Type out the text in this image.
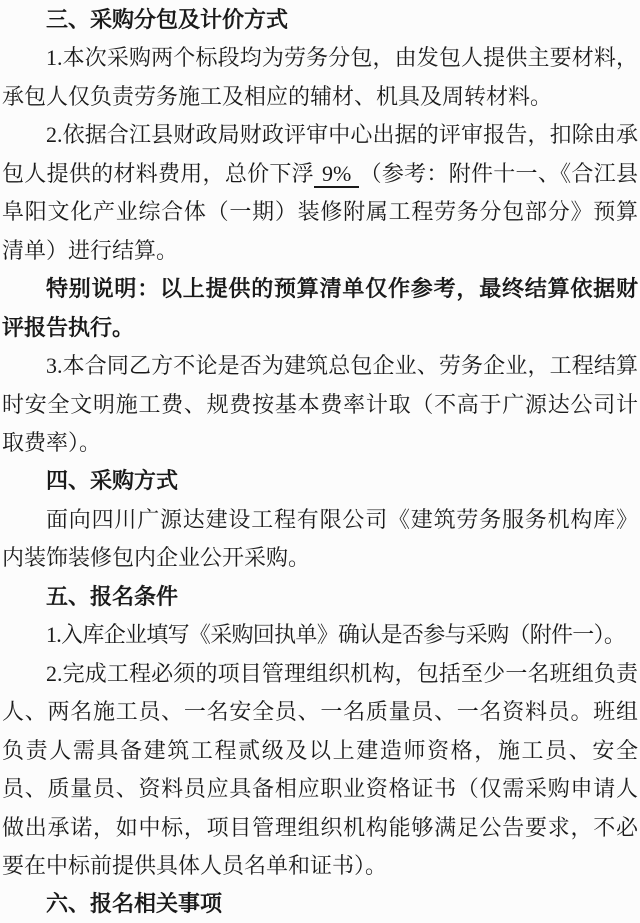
三、采购分包及计价方式

1.本次采购两个标段均为劳务分包，由发包人提供主要材料，承包人仅负责劳务施工及相应的辅材、机具及周转材料。

2.依据合江县财政局财政评审中心出据的评审报告，扣除由承包人提供的材料费用，总价下浮 9% （参考：附件十一、《合江县阜阳文化产业综合体（一期）装修附属工程劳务分包部分》预算清单）进行结算。

特别说明：以上提供的预算清单仅作参考，最终结算依据财评报告执行。

3.本合同乙方不论是否为建筑总包企业、劳务企业，工程结算时安全文明施工费、规费按基本费率计取（不高于广源达公司计取费率）。

四、采购方式

面向四川广源达建设工程有限公司《建筑劳务服务机构库》内装饰装修包内企业公开采购。

五、报名条件

1.入库企业填写《采购回执单》确认是否参与采购（附件一）。

2.完成工程必须的项目管理组织机构，包括至少一名班组负责人、两名施工员、一名安全员、一名质量员、一名资料员。班组负责人需具备建筑工程贰级及以上建造师资格，施工员、安全员、质量员、资料员应具备相应职业资格证书（仅需采购申请人做出承诺，如中标，项目管理组织机构能够满足公告要求，不必要在中标前提供具体人员名单和证书）。

六、报名相关事项
